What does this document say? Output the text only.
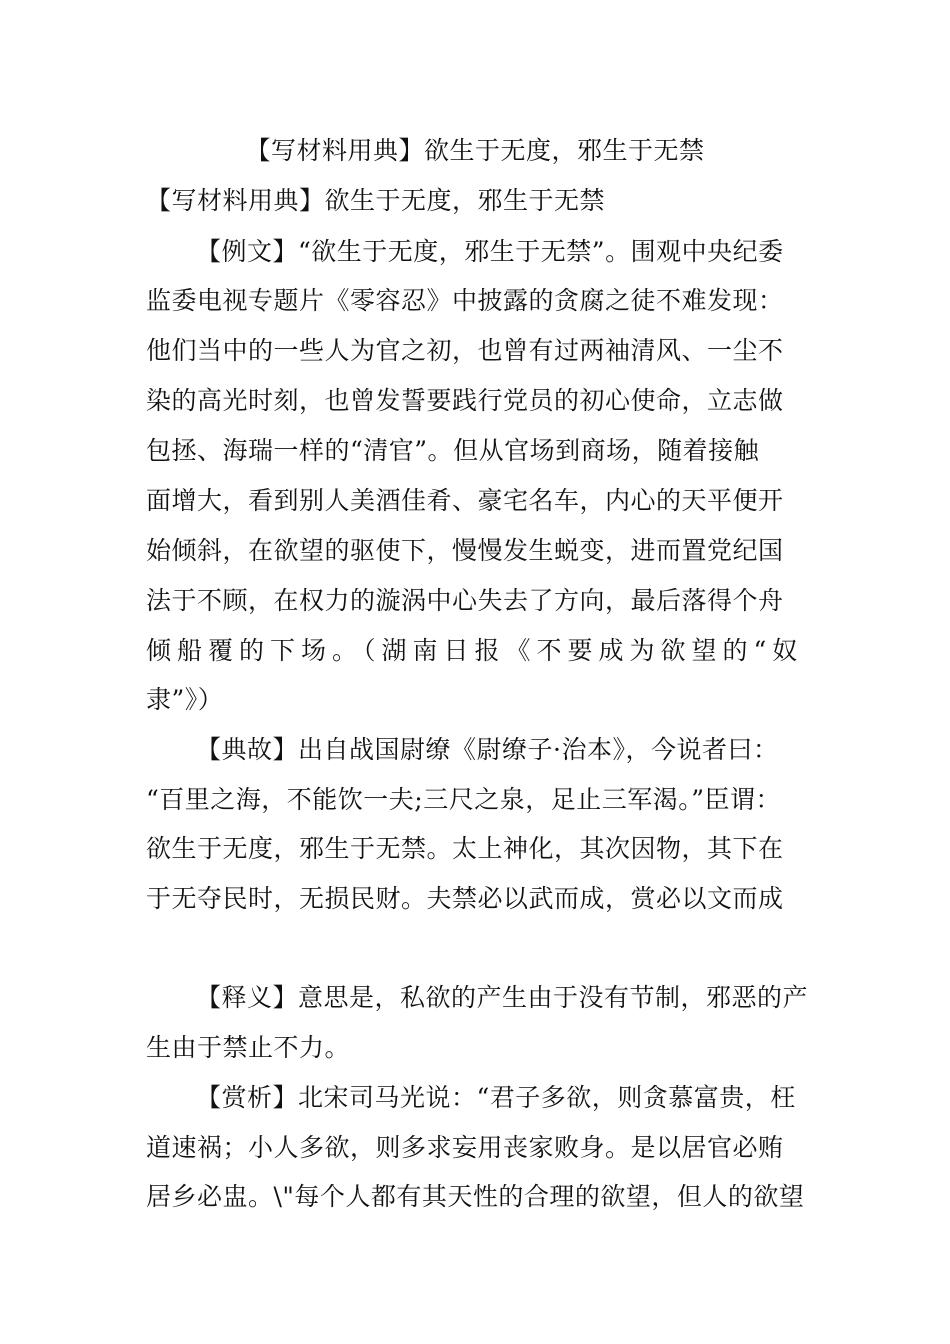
【写材料用典】欲生于无度，邪生于无禁
【写材料用典】欲生于无度，邪生于无禁
【例文】“欲生于无度，邪生于无禁”。围观中央纪委
监委电视专题片《零容忍》中披露的贪腐之徒不难发现：
他们当中的一些人为官之初，也曾有过两袖清风、一尘不
染的高光时刻，也曾发誓要践行党员的初心使命，立志做
包拯、海瑞一样的“清官”。但从官场到商场，随着接触
面增大，看到别人美酒佳肴、豪宅名车，内心的天平便开
始倾斜，在欲望的驱使下，慢慢发生蜕变，进而置党纪国
法于不顾，在权力的漩涡中心失去了方向，最后落得个舟
倾船覆的下场。（湖南日报《不要成为欲望的“奴
隶”》）
【典故】出自战国尉缭《尉缭子·治本》，今说者曰：
“百里之海，不能饮一夫;三尺之泉，足止三军渴。”臣谓：
欲生于无度，邪生于无禁。太上神化，其次因物，其下在
于无夺民时，无损民财。夫禁必以武而成，赏必以文而成
【释义】意思是，私欲的产生由于没有节制，邪恶的产
生由于禁止不力。
【赏析】北宋司马光说：“君子多欲，则贪慕富贵，枉
道速祸；小人多欲，则多求妄用丧家败身。是以居官必贿
居乡必盅。\"每个人都有其天性的合理的欲望，但人的欲望
